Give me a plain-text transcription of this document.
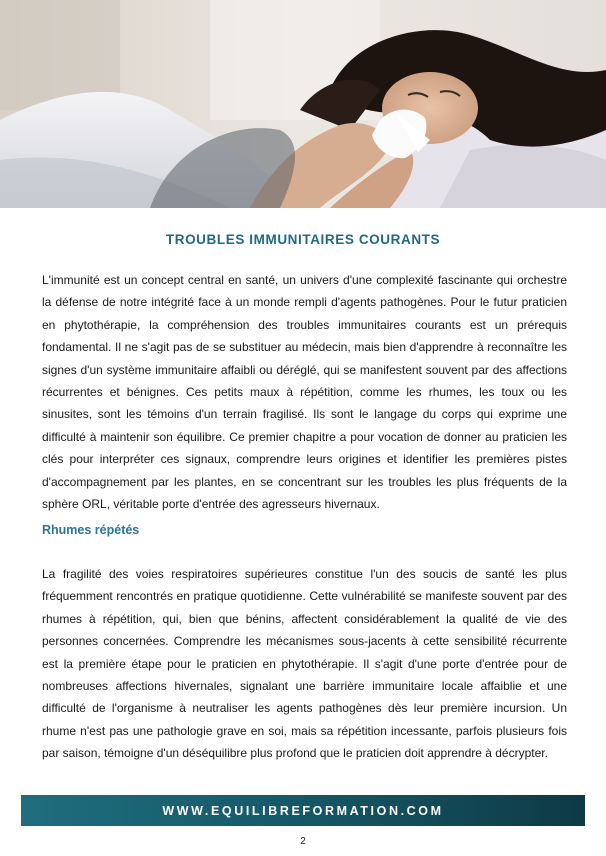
TROUBLES IMMUNITAIRES COURANTS

L'immunité est un concept central en santé, un univers d'une complexité fascinante qui orchestre la défense de notre intégrité face à un monde rempli d'agents pathogènes. Pour le futur praticien en phytothérapie, la compréhension des troubles immunitaires courants est un prérequis fondamental. Il ne s'agit pas de se substituer au médecin, mais bien d'apprendre à reconnaître les signes d'un système immunitaire affaibli ou déréglé, qui se manifestent souvent par des affections récurrentes et bénignes. Ces petits maux à répétition, comme les rhumes, les toux ou les sinusites, sont les témoins d'un terrain fragilisé. Ils sont le langage du corps qui exprime une difficulté à maintenir son équilibre. Ce premier chapitre a pour vocation de donner au praticien les clés pour interpréter ces signaux, comprendre leurs origines et identifier les premières pistes d'accompagnement par les plantes, en se concentrant sur les troubles les plus fréquents de la sphère ORL, véritable porte d'entrée des agresseurs hivernaux.

Rhumes répétés

La fragilité des voies respiratoires supérieures constitue l'un des soucis de santé les plus fréquemment rencontrés en pratique quotidienne. Cette vulnérabilité se manifeste souvent par des rhumes à répétition, qui, bien que bénins, affectent considérablement la qualité de vie des personnes concernées. Comprendre les mécanismes sous-jacents à cette sensibilité récurrente est la première étape pour le praticien en phytothérapie. Il s'agit d'une porte d'entrée pour de nombreuses affections hivernales, signalant une barrière immunitaire locale affaiblie et une difficulté de l'organisme à neutraliser les agents pathogènes dès leur première incursion. Un rhume n'est pas une pathologie grave en soi, mais sa répétition incessante, parfois plusieurs fois par saison, témoigne d'un déséquilibre plus profond que le praticien doit apprendre à décrypter.

WWW.EQUILIBREFORMATION.COM
2
